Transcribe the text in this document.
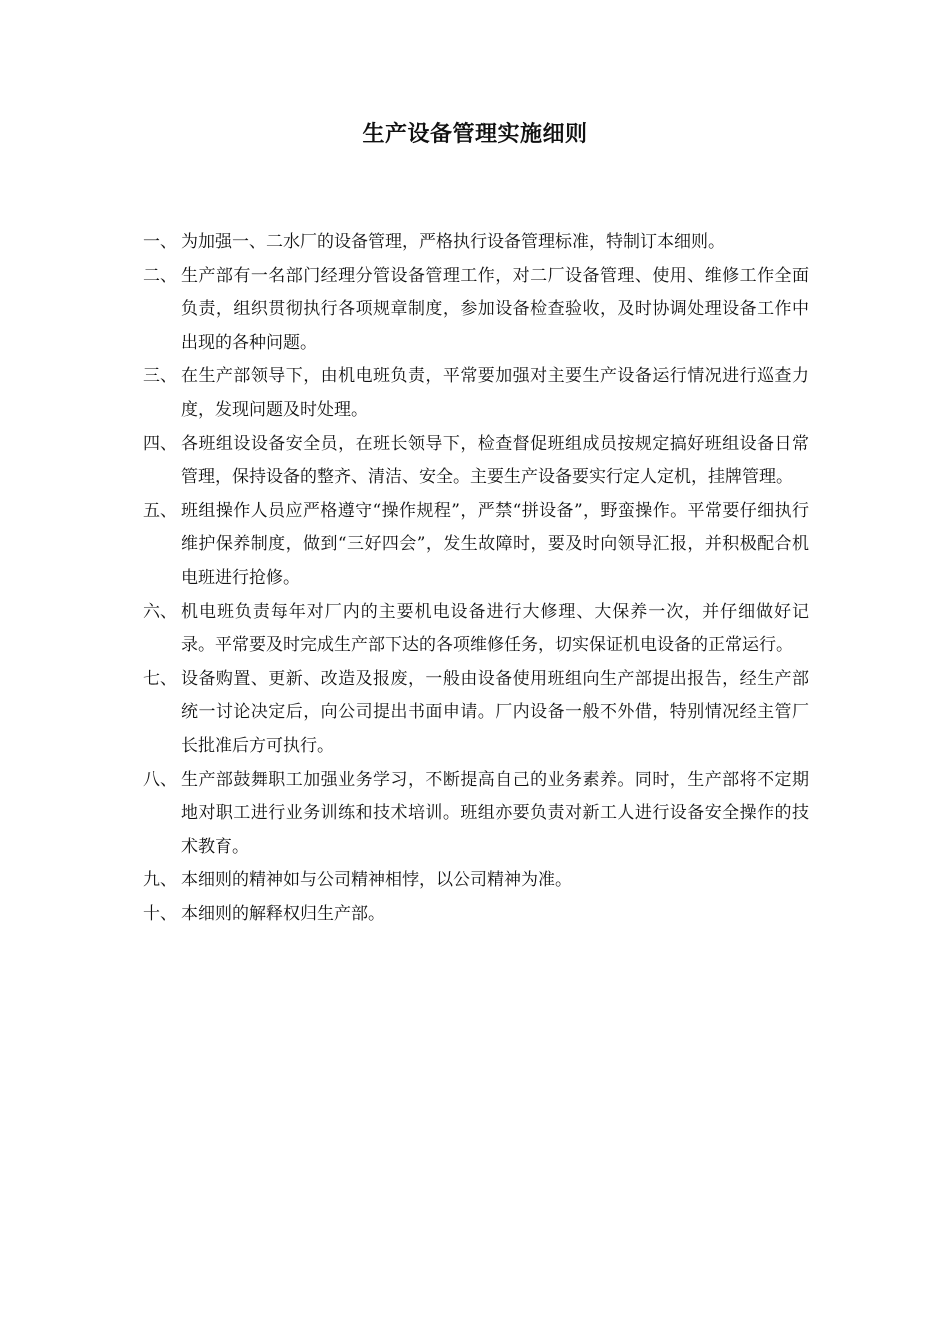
生产设备管理实施细则
一、 为加强一、二水厂的设备管理，严格执行设备管理标准，特制订本细则。
二、 生产部有一名部门经理分管设备管理工作，对二厂设备管理、使用、维修工作全面负责，组织贯彻执行各项规章制度，参加设备检查验收，及时协调处理设备工作中出现的各种问题。
三、 在生产部领导下，由机电班负责，平常要加强对主要生产设备运行情况进行巡查力度，发现问题及时处理。
四、 各班组设设备安全员，在班长领导下，检查督促班组成员按规定搞好班组设备日常管理，保持设备的整齐、清洁、安全。主要生产设备要实行定人定机，挂牌管理。
五、 班组操作人员应严格遵守“操作规程”，严禁“拼设备”，野蛮操作。平常要仔细执行维护保养制度，做到“三好四会”，发生故障时，要及时向领导汇报，并积极配合机电班进行抢修。
六、 机电班负责每年对厂内的主要机电设备进行大修理、大保养一次，并仔细做好记录。平常要及时完成生产部下达的各项维修任务，切实保证机电设备的正常运行。
七、 设备购置、更新、改造及报废，一般由设备使用班组向生产部提出报告，经生产部统一讨论决定后，向公司提出书面申请。厂内设备一般不外借，特别情况经主管厂长批准后方可执行。
八、 生产部鼓舞职工加强业务学习，不断提高自己的业务素养。同时，生产部将不定期地对职工进行业务训练和技术培训。班组亦要负责对新工人进行设备安全操作的技术教育。
九、 本细则的精神如与公司精神相悖，以公司精神为准。
十、 本细则的解释权归生产部。
